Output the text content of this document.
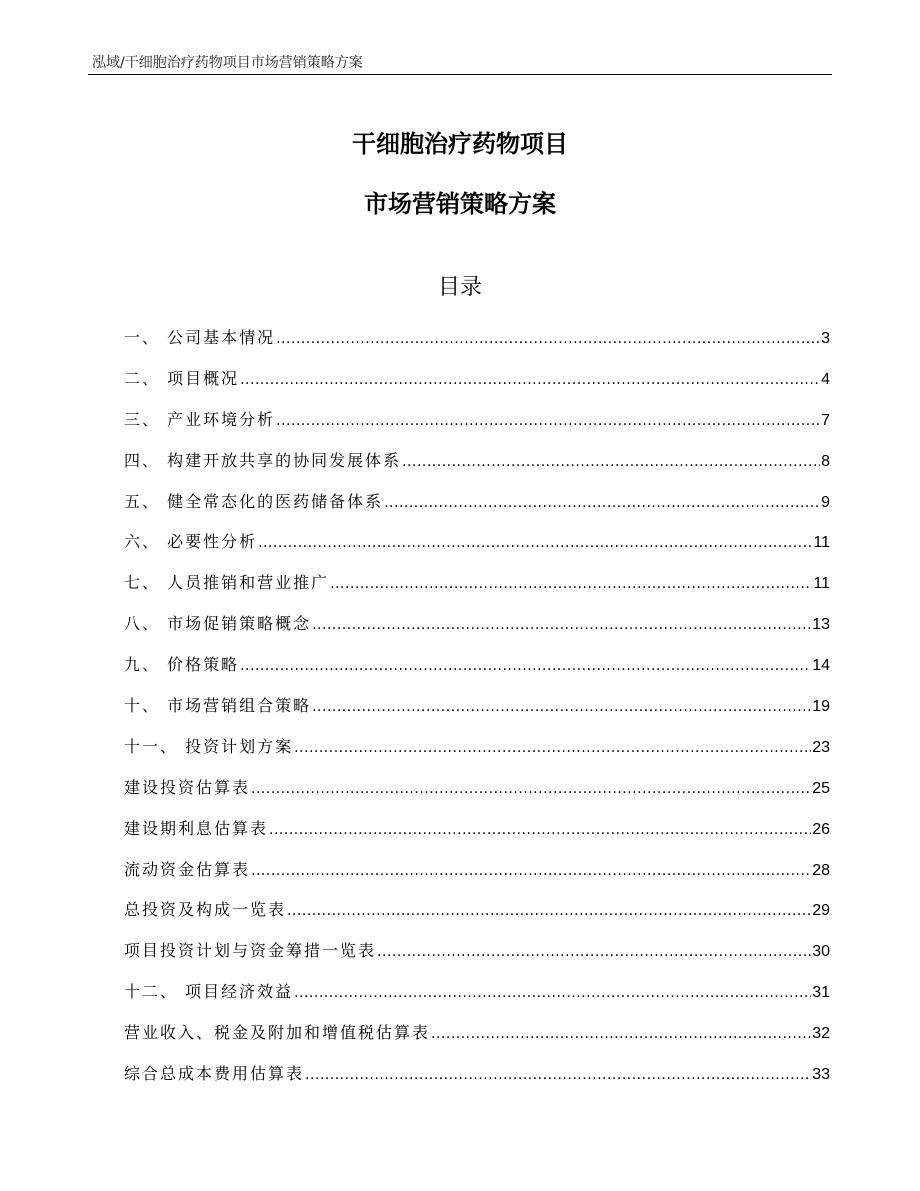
泓域/干细胞治疗药物项目市场营销策略方案
干细胞治疗药物项目
市场营销策略方案
目录
一、 公司基本情况 .....	3
二、 项目概况 .....	4
三、 产业环境分析 .....	7
四、 构建开放共享的协同发展体系 .....	8
五、 健全常态化的医药储备体系 .....	9
六、 必要性分析 .....	11
七、 人员推销和营业推广 .....	11
八、 市场促销策略概念 .....	13
九、 价格策略 .....	14
十、 市场营销组合策略 .....	19
十一、 投资计划方案 .....	23
建设投资估算表 .....	25
建设期利息估算表 .....	26
流动资金估算表 .....	28
总投资及构成一览表 .....	29
项目投资计划与资金筹措一览表 .....	30
十二、 项目经济效益 .....	31
营业收入、税金及附加和增值税估算表 .....	32
综合总成本费用估算表 .....	33
